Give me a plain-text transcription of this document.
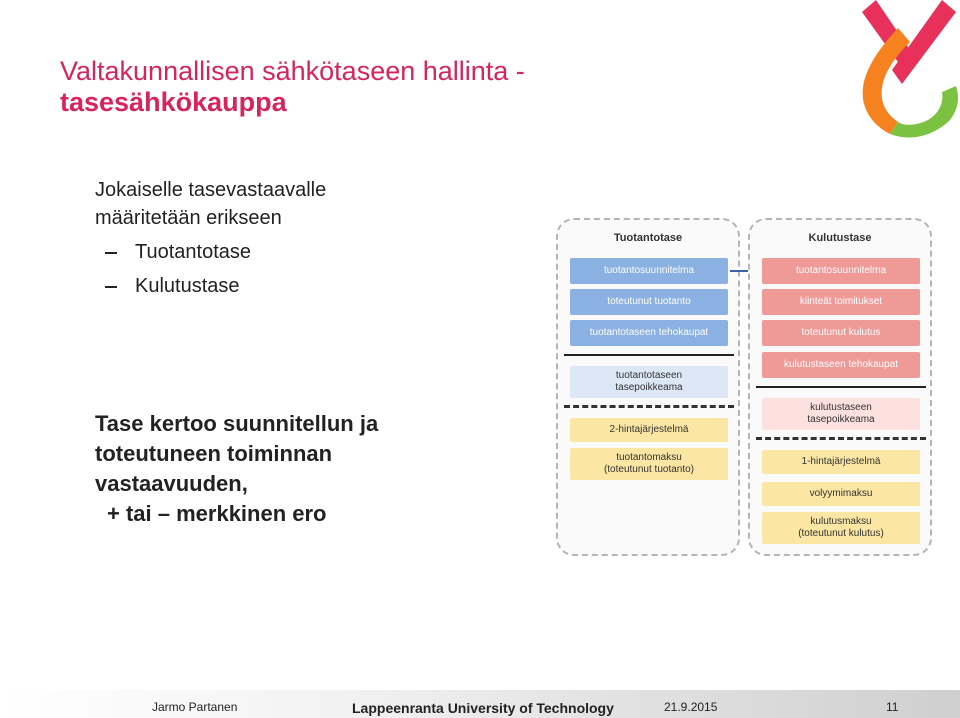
Valtakunnallisen sähkötaseen hallinta -
tasesähkökauppa
Jokaiselle tasevastaavalle
määritetään erikseen
Tuotantotase
Kulutustase
Tase kertoo suunnitellun ja
toteutuneen toiminnan
vastaavuuden,
+ tai – merkkinen ero
Tuotantotase
tuotantosuunnitelma
toteutunut tuotanto
tuotantotaseen tehokaupat
tuotantotaseen
tasepoikkeama
2-hintajärjestelmä
tuotantomaksu
(toteutunut tuotanto)
Kulutustase
tuotantosuunnitelma
kiinteät toimitukset
toteutunut kulutus
kulutustaseen tehokaupat
kulutustaseen
tasepoikkeama
1-hintajärjestelmä
volyymimaksu
kulutusmaksu
(toteutunut kulutus)
Jarmo Partanen	Lappeenranta University of Technology	21.9.2015	11
